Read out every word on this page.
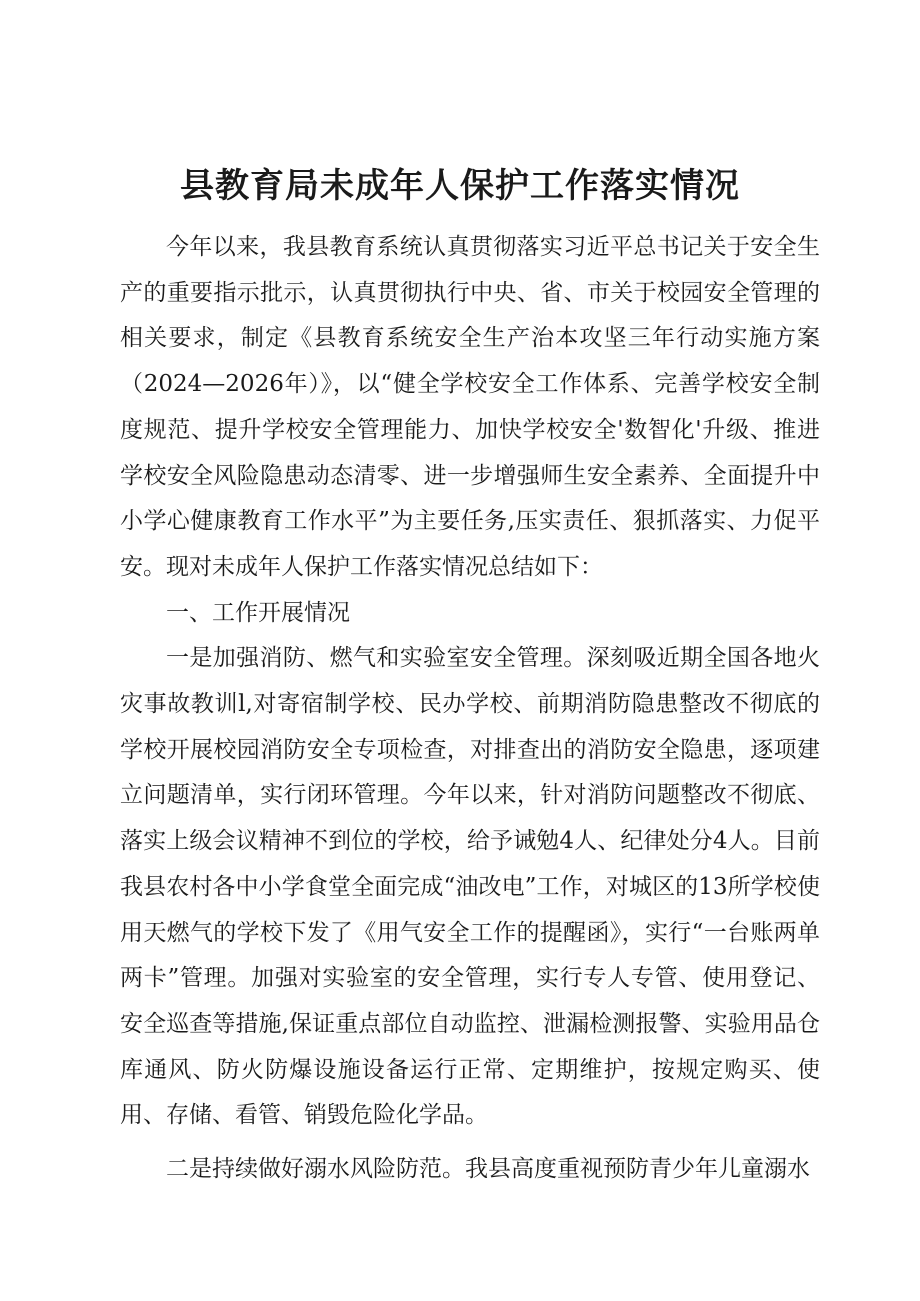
县教育局未成年人保护工作落实情况

今年以来，我县教育系统认真贯彻落实习近平总书记关于安全生产的重要指示批示，认真贯彻执行中央、省、市关于校园安全管理的相关要求，制定《县教育系统安全生产治本攻坚三年行动实施方案（2024—2026年）》，以“健全学校安全工作体系、完善学校安全制度规范、提升学校安全管理能力、加快学校安全'数智化'升级、推进学校安全风险隐患动态清零、进一步增强师生安全素养、全面提升中小学心健康教育工作水平”为主要任务,压实责任、狠抓落实、力促平安。现对未成年人保护工作落实情况总结如下：

一、工作开展情况

一是加强消防、燃气和实验室安全管理。深刻吸近期全国各地火灾事故教训l,对寄宿制学校、民办学校、前期消防隐患整改不彻底的学校开展校园消防安全专项检查，对排查出的消防安全隐患，逐项建立问题清单，实行闭环管理。今年以来，针对消防问题整改不彻底、落实上级会议精神不到位的学校，给予诫勉4人、纪律处分4人。目前我县农村各中小学食堂全面完成“油改电”工作，对城区的13所学校使用天燃气的学校下发了《用气安全工作的提醒函》，实行“一台账两单两卡”管理。加强对实验室的安全管理，实行专人专管、使用登记、安全巡查等措施,保证重点部位自动监控、泄漏检测报警、实验用品仓库通风、防火防爆设施设备运行正常、定期维护，按规定购买、使用、存储、看管、销毁危险化学品。

二是持续做好溺水风险防范。我县高度重视预防青少年儿童溺水
